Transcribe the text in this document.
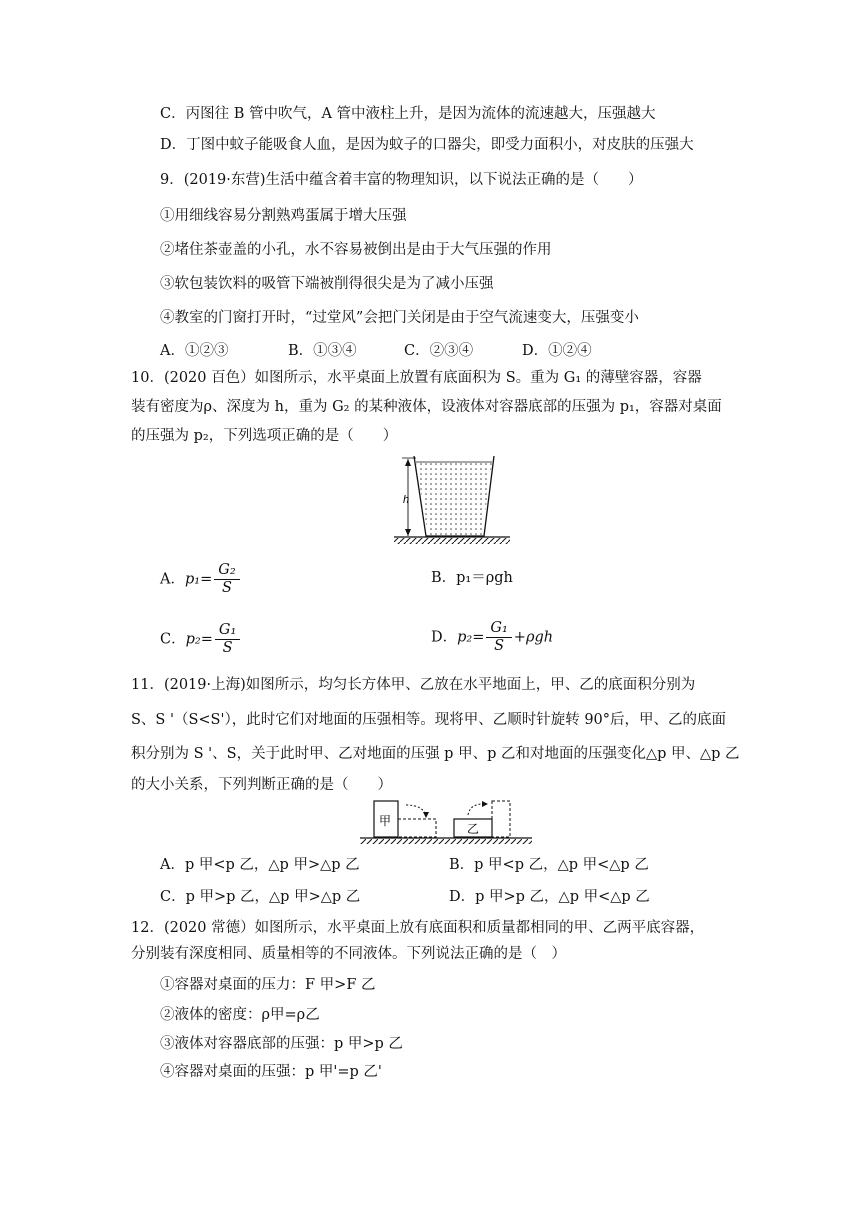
C．丙图往 B 管中吹气，A 管中液柱上升，是因为流体的流速越大，压强越大
D．丁图中蚊子能吸食人血，是因为蚊子的口器尖，即受力面积小，对皮肤的压强大
9．(2019·东营)生活中蕴含着丰富的物理知识，以下说法正确的是（　　）
①用细线容易分割熟鸡蛋属于增大压强
②堵住茶壶盖的小孔，水不容易被倒出是由于大气压强的作用
③软包装饮料的吸管下端被削得很尖是为了减小压强
④教室的门窗打开时，“过堂风”会把门关闭是由于空气流速变大，压强变小
A．①②③	B．①③④	C．②③④	D．①②④
10．(2020 百色）如图所示，水平桌面上放置有底面积为 S。重为 G₁ 的薄壁容器，容器
装有密度为ρ、深度为 h，重为 G₂ 的某种液体，设液体对容器底部的压强为 p₁，容器对桌面
的压强为 p₂，下列选项正确的是（　　）
h
A．$p_1= \frac{\text{G₂}}{S}$	B．p₁＝ρgh
C．$p_2= \frac{\text{G₁}}{S}$	D．$p_2= \frac{\text{G₁}}{S} +\rho gh$
11．(2019·上海)如图所示，均匀长方体甲、乙放在水平地面上，甲、乙的底面积分别为
S、S '（S<S'），此时它们对地面的压强相等。现将甲、乙顺时针旋转 90°后，甲、乙的底面
积分别为 S '、S，关于此时甲、乙对地面的压强 p 甲、p 乙和对地面的压强变化△p 甲、△p 乙
的大小关系，下列判断正确的是（　　）
甲
乙
A．p 甲<p 乙，△p 甲>△p 乙	B．p 甲<p 乙，△p 甲<△p 乙
C．p 甲>p 乙，△p 甲>△p 乙	D．p 甲>p 乙，△p 甲<△p 乙
12．(2020 常德）如图所示，水平桌面上放有底面积和质量都相同的甲、乙两平底容器，
分别装有深度相同、质量相等的不同液体。下列说法正确的是（　）
①容器对桌面的压力：F 甲>F 乙
②液体的密度：ρ甲=ρ乙
③液体对容器底部的压强：p 甲>p 乙
④容器对桌面的压强：p 甲'=p 乙'
